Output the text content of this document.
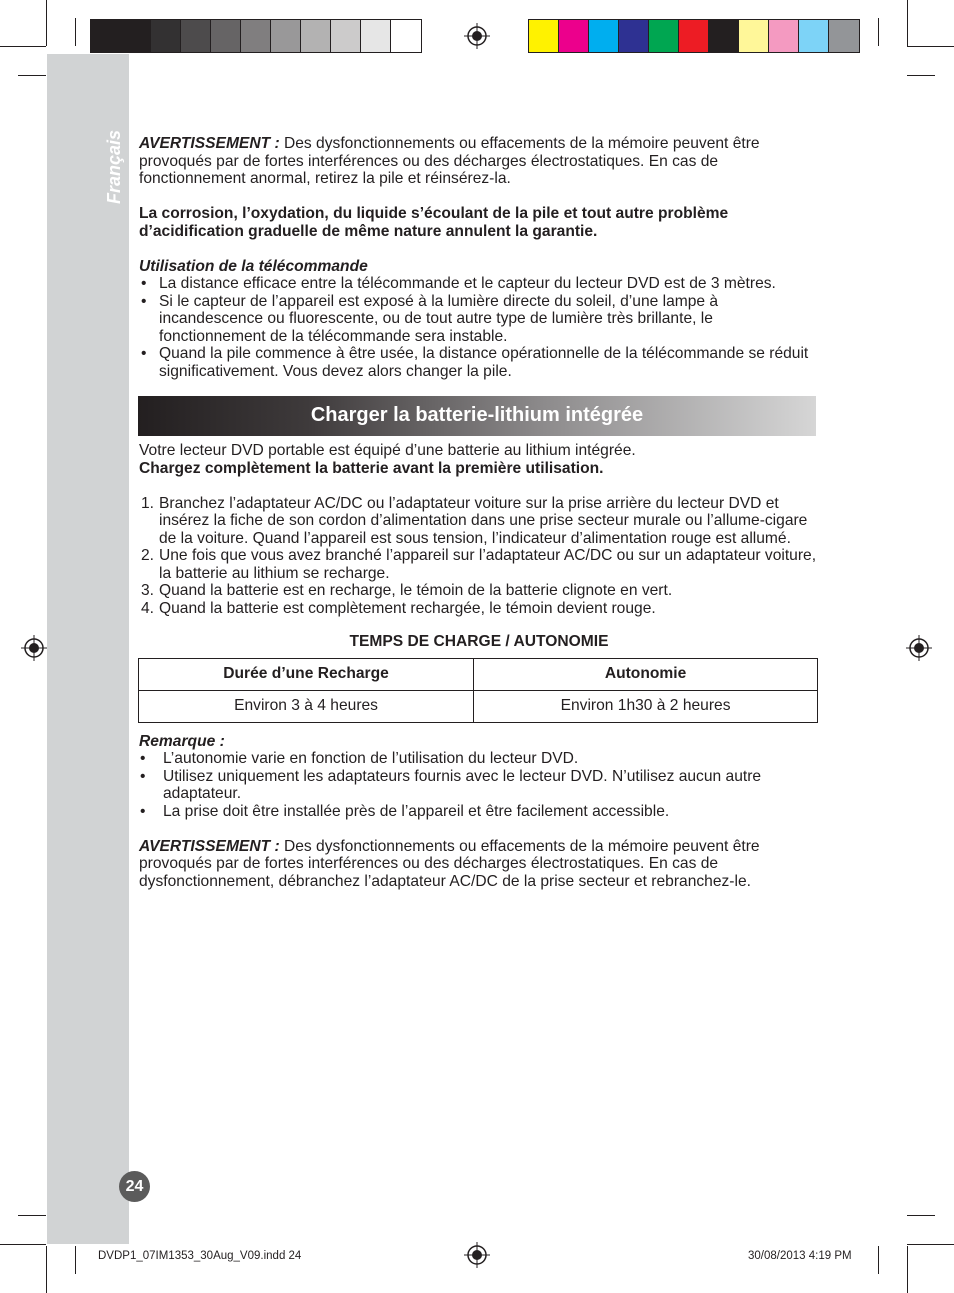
Français
24

AVERTISSEMENT : Des dysfonctionnements ou effacements de la mémoire peuvent être provoqués par de fortes interférences ou des décharges électrostatiques. En cas de fonctionnement anormal, retirez la pile et réinsérez-la.

La corrosion, l’oxydation, du liquide s’écoulant de la pile et tout autre problème d’acidification graduelle de même nature annulent la garantie.

Utilisation de la télécommande

• La distance efficace entre la télécommande et le capteur du lecteur DVD est de 3 mètres.
• Si le capteur de l’appareil est exposé à la lumière directe du soleil, d’une lampe à incandescence ou fluorescente, ou de tout autre type de lumière très brillante, le fonctionnement de la télécommande sera instable.
• Quand la pile commence à être usée, la distance opérationnelle de la télécommande se réduit significativement. Vous devez alors changer la pile.
Charger la batterie-lithium intégrée

Votre lecteur DVD portable est équipé d’une batterie au lithium intégrée.

Chargez complètement la batterie avant la première utilisation.

1. Branchez l’adaptateur AC/DC ou l’adaptateur voiture sur la prise arrière du lecteur DVD et insérez la fiche de son cordon d’alimentation dans une prise secteur murale ou l’allume-cigare de la voiture. Quand l’appareil est sous tension, l’indicateur d’alimentation rouge est allumé.
2. Une fois que vous avez branché l’appareil sur l’adaptateur AC/DC ou sur un adaptateur voiture, la batterie au lithium se recharge.
3. Quand la batterie est en recharge, le témoin de la batterie clignote en vert.
4. Quand la batterie est complètement rechargée, le témoin devient rouge.

TEMPS DE CHARGE / AUTONOMIE

Durée d’une Recharge	Autonomie
Environ 3 à 4 heures	Environ 1h30 à 2 heures

Remarque :

• L’autonomie varie en fonction de l’utilisation du lecteur DVD.
• Utilisez uniquement les adaptateurs fournis avec le lecteur DVD. N’utilisez aucun autre adaptateur.
• La prise doit être installée près de l’appareil et être facilement accessible.

AVERTISSEMENT : Des dysfonctionnements ou effacements de la mémoire peuvent être provoqués par de fortes interférences ou des décharges électrostatiques. En cas de dysfonctionnement, débranchez l’adaptateur AC/DC de la prise secteur et rebranchez-le.

DVDP1_07IM1353_30Aug_V09.indd 24	30/08/2013 4:19 PM
